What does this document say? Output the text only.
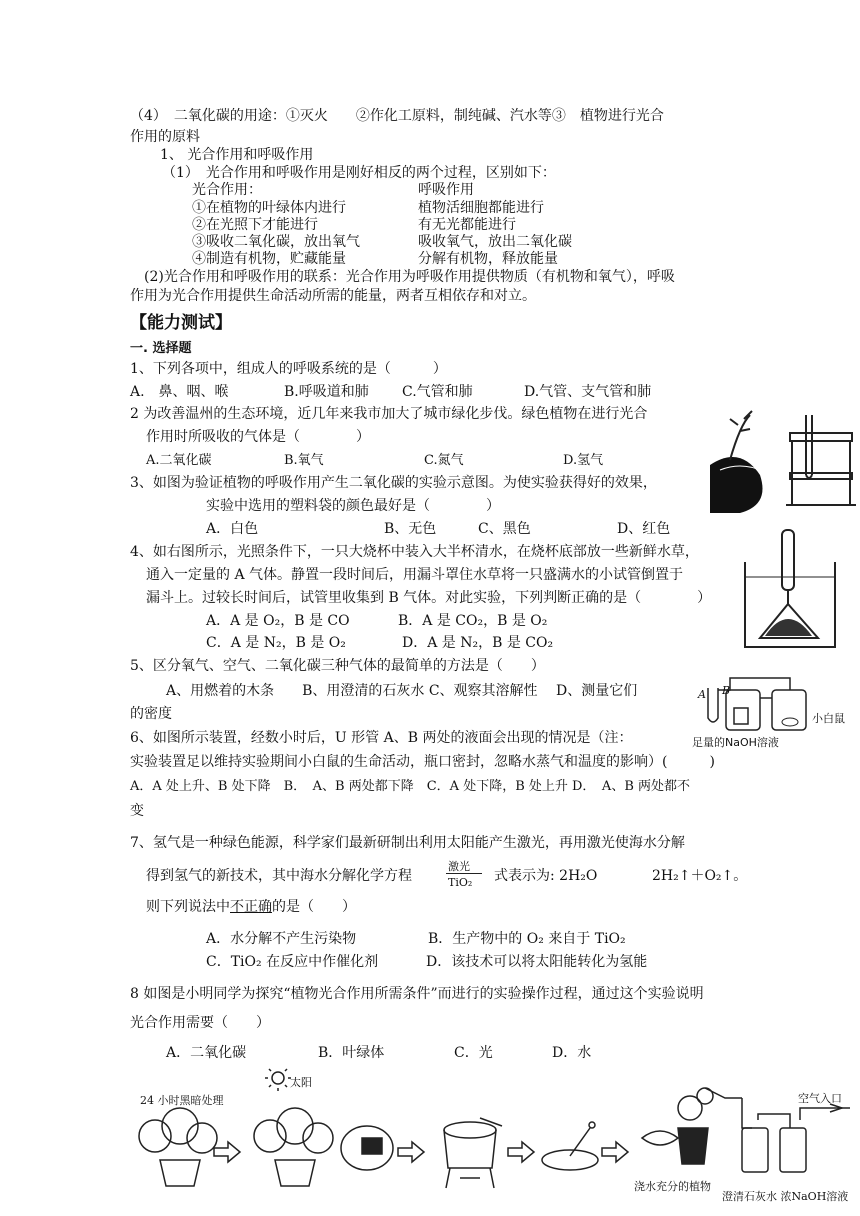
（4）　二氧化碳的用途：①灭火　　②作化工原料，制纯碱、汽水等③　植物进行光合
作用的原料
1、 光合作用和呼吸作用
（1）　光合作用和呼吸作用是刚好相反的两个过程，区别如下：
光合作用：	呼吸作用
①在植物的叶绿体内进行	植物活细胞都能进行
②在光照下才能进行	有无光都能进行
③吸收二氧化碳，放出氧气	吸收氧气，放出二氧化碳
④制造有机物，贮藏能量	分解有机物，释放能量
(2)光合作用和呼吸作用的联系：光合作用为呼吸作用提供物质（有机物和氧气），呼吸
作用为光合作用提供生命活动所需的能量，两者互相依存和对立。
【能力测试】
一. 选择题
1、下列各项中，组成人的呼吸系统的是（　　　）
A.　鼻、咽、喉	B.呼吸道和肺 C.气管和肺	D.气管、支气管和肺
2 为改善温州的生态环境，近几年来我市加大了城市绿化步伐。绿色植物在进行光合
作用时所吸收的气体是（　　　　）
A.二氧化碳	B.氧气	C.氮气	D.氢气
3、如图为验证植物的呼吸作用产生二氧化碳的实验示意图。为使实验获得好的效果，
实验中选用的塑料袋的颜色最好是（　　　　）
A．白色	B、无色	C、黑色	D、红色
4、如右图所示，光照条件下，一只大烧杯中装入大半杯清水，在烧杯底部放一些新鲜水草，
通入一定量的 A 气体。静置一段时间后，用漏斗罩住水草将一只盛满水的小试管倒置于
漏斗上。过较长时间后，试管里收集到 B 气体。对此实验，下列判断正确的是（　　　　）
A．A 是 O₂，B 是 CO	B．A 是 CO₂，B 是 O₂
C．A 是 N₂，B 是 O₂	D．A 是 N₂，B 是 CO₂
5、区分氧气、空气、二氧化碳三种气体的最简单的方法是（　　）
A、用燃着的木条　　B、用澄清的石灰水 C、观察其溶解性　 D、测量它们
的密度
A B
小白鼠
足量的NaOH溶液
6、如图所示装置，经数小时后，U 形管 A、B 两处的液面会出现的情况是（注：
实验装置足以维持实验期间小白鼠的生命活动，瓶口密封，忽略水蒸气和温度的影响）(　　　)
A．A 处上升、B 处下降　B．　A、B 两处都下降　C．A 处下降，B 处上升 D．　A、B 两处都不
变
7、氢气是一种绿色能源，科学家们最新研制出利用太阳能产生激光，再用激光使海水分解
得到氢气的新技术，其中海水分解化学方程
激光
TiO₂ 式表示为: 2H₂O	2H₂↑＋O₂↑。
则下列说法中不正确的是（　　）
A．水分解不产生污染物	B．生产物中的 O₂ 来自于 TiO₂
C．TiO₂ 在反应中作催化剂	D．该技术可以将太阳能转化为氢能
8 如图是小明同学为探究“植物光合作用所需条件”而进行的实验操作过程，通过这个实验说明
光合作用需要（　　）
A．二氧化碳	B．叶绿体	C．光	D．水
24 小时黑暗处理
太阳
浇水充分的植物
空气入口
澄清石灰水 浓NaOH溶液
